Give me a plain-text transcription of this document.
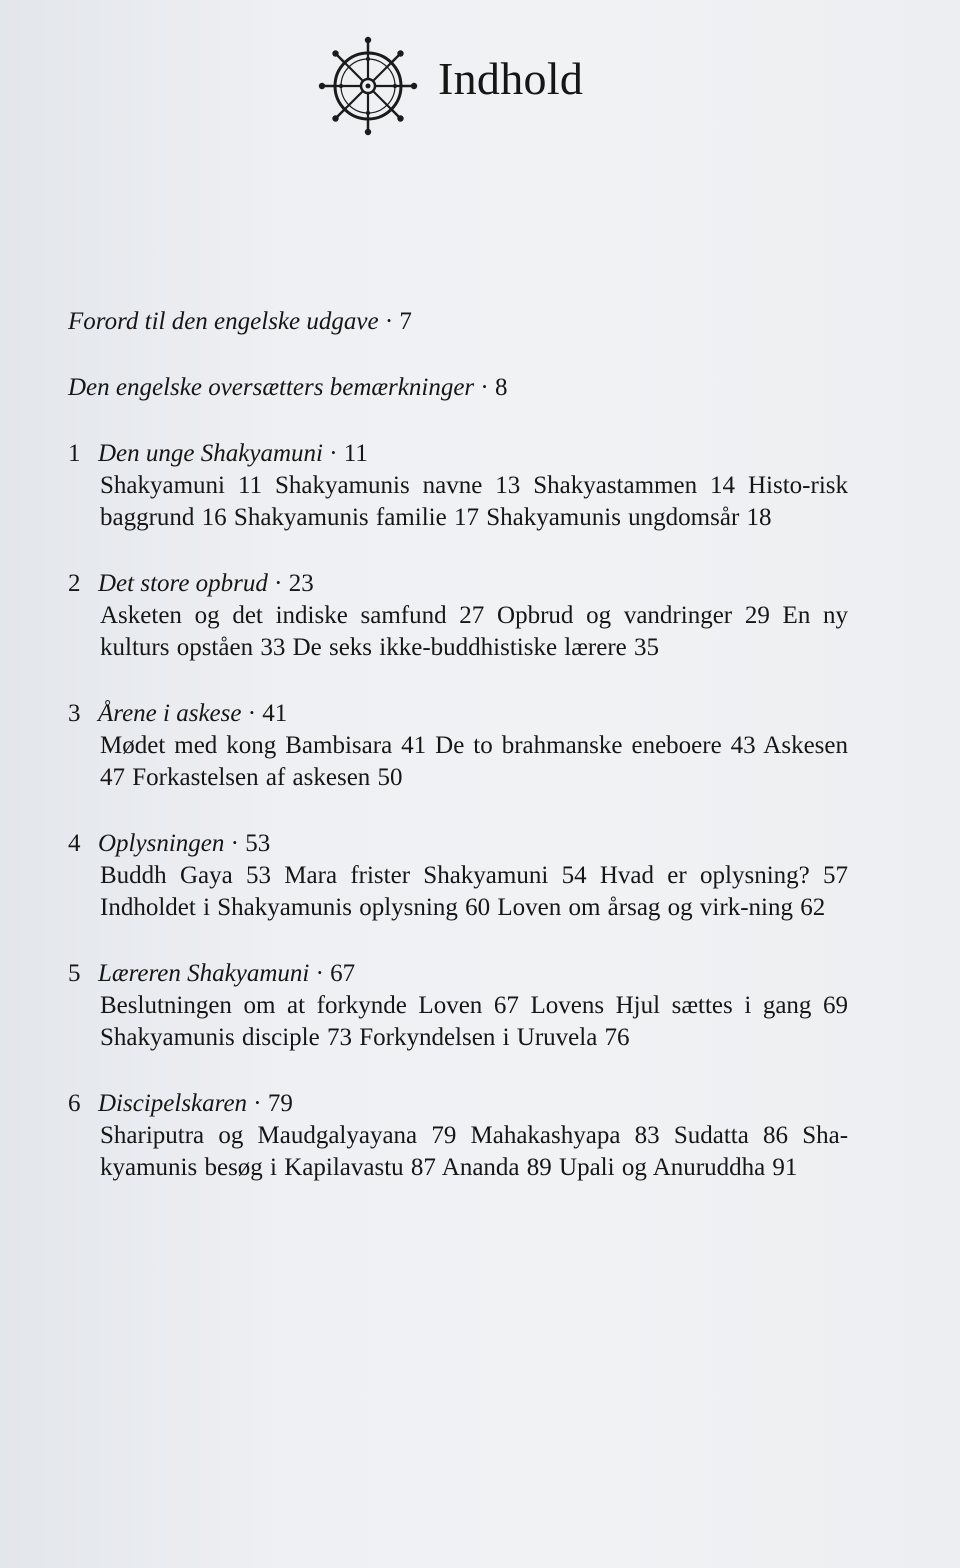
Indhold
Forord til den engelske udgave · 7
Den engelske oversætters bemærkninger · 8
1 Den unge Shakyamuni · 11
Shakyamuni 11 Shakyamunis navne 13 Shakyastammen 14 Histo-risk baggrund 16 Shakyamunis familie 17 Shakyamunis ungdomsår 18
2 Det store opbrud · 23
Asketen og det indiske samfund 27 Opbrud og vandringer 29 En ny kulturs opståen 33 De seks ikke-buddhistiske lærere 35
3 Årene i askese · 41
Mødet med kong Bambisara 41 De to brahmanske eneboere 43 Askesen 47 Forkastelsen af askesen 50
4 Oplysningen · 53
Buddh Gaya 53 Mara frister Shakyamuni 54 Hvad er oplysning? 57 Indholdet i Shakyamunis oplysning 60 Loven om årsag og virk-ning 62
5 Læreren Shakyamuni · 67
Beslutningen om at forkynde Loven 67 Lovens Hjul sættes i gang 69 Shakyamunis disciple 73 Forkyndelsen i Uruvela 76
6 Discipelskaren · 79
Shariputra og Maudgalyayana 79 Mahakashyapa 83 Sudatta 86 Sha-kyamunis besøg i Kapilavastu 87 Ananda 89 Upali og Anuruddha 91
